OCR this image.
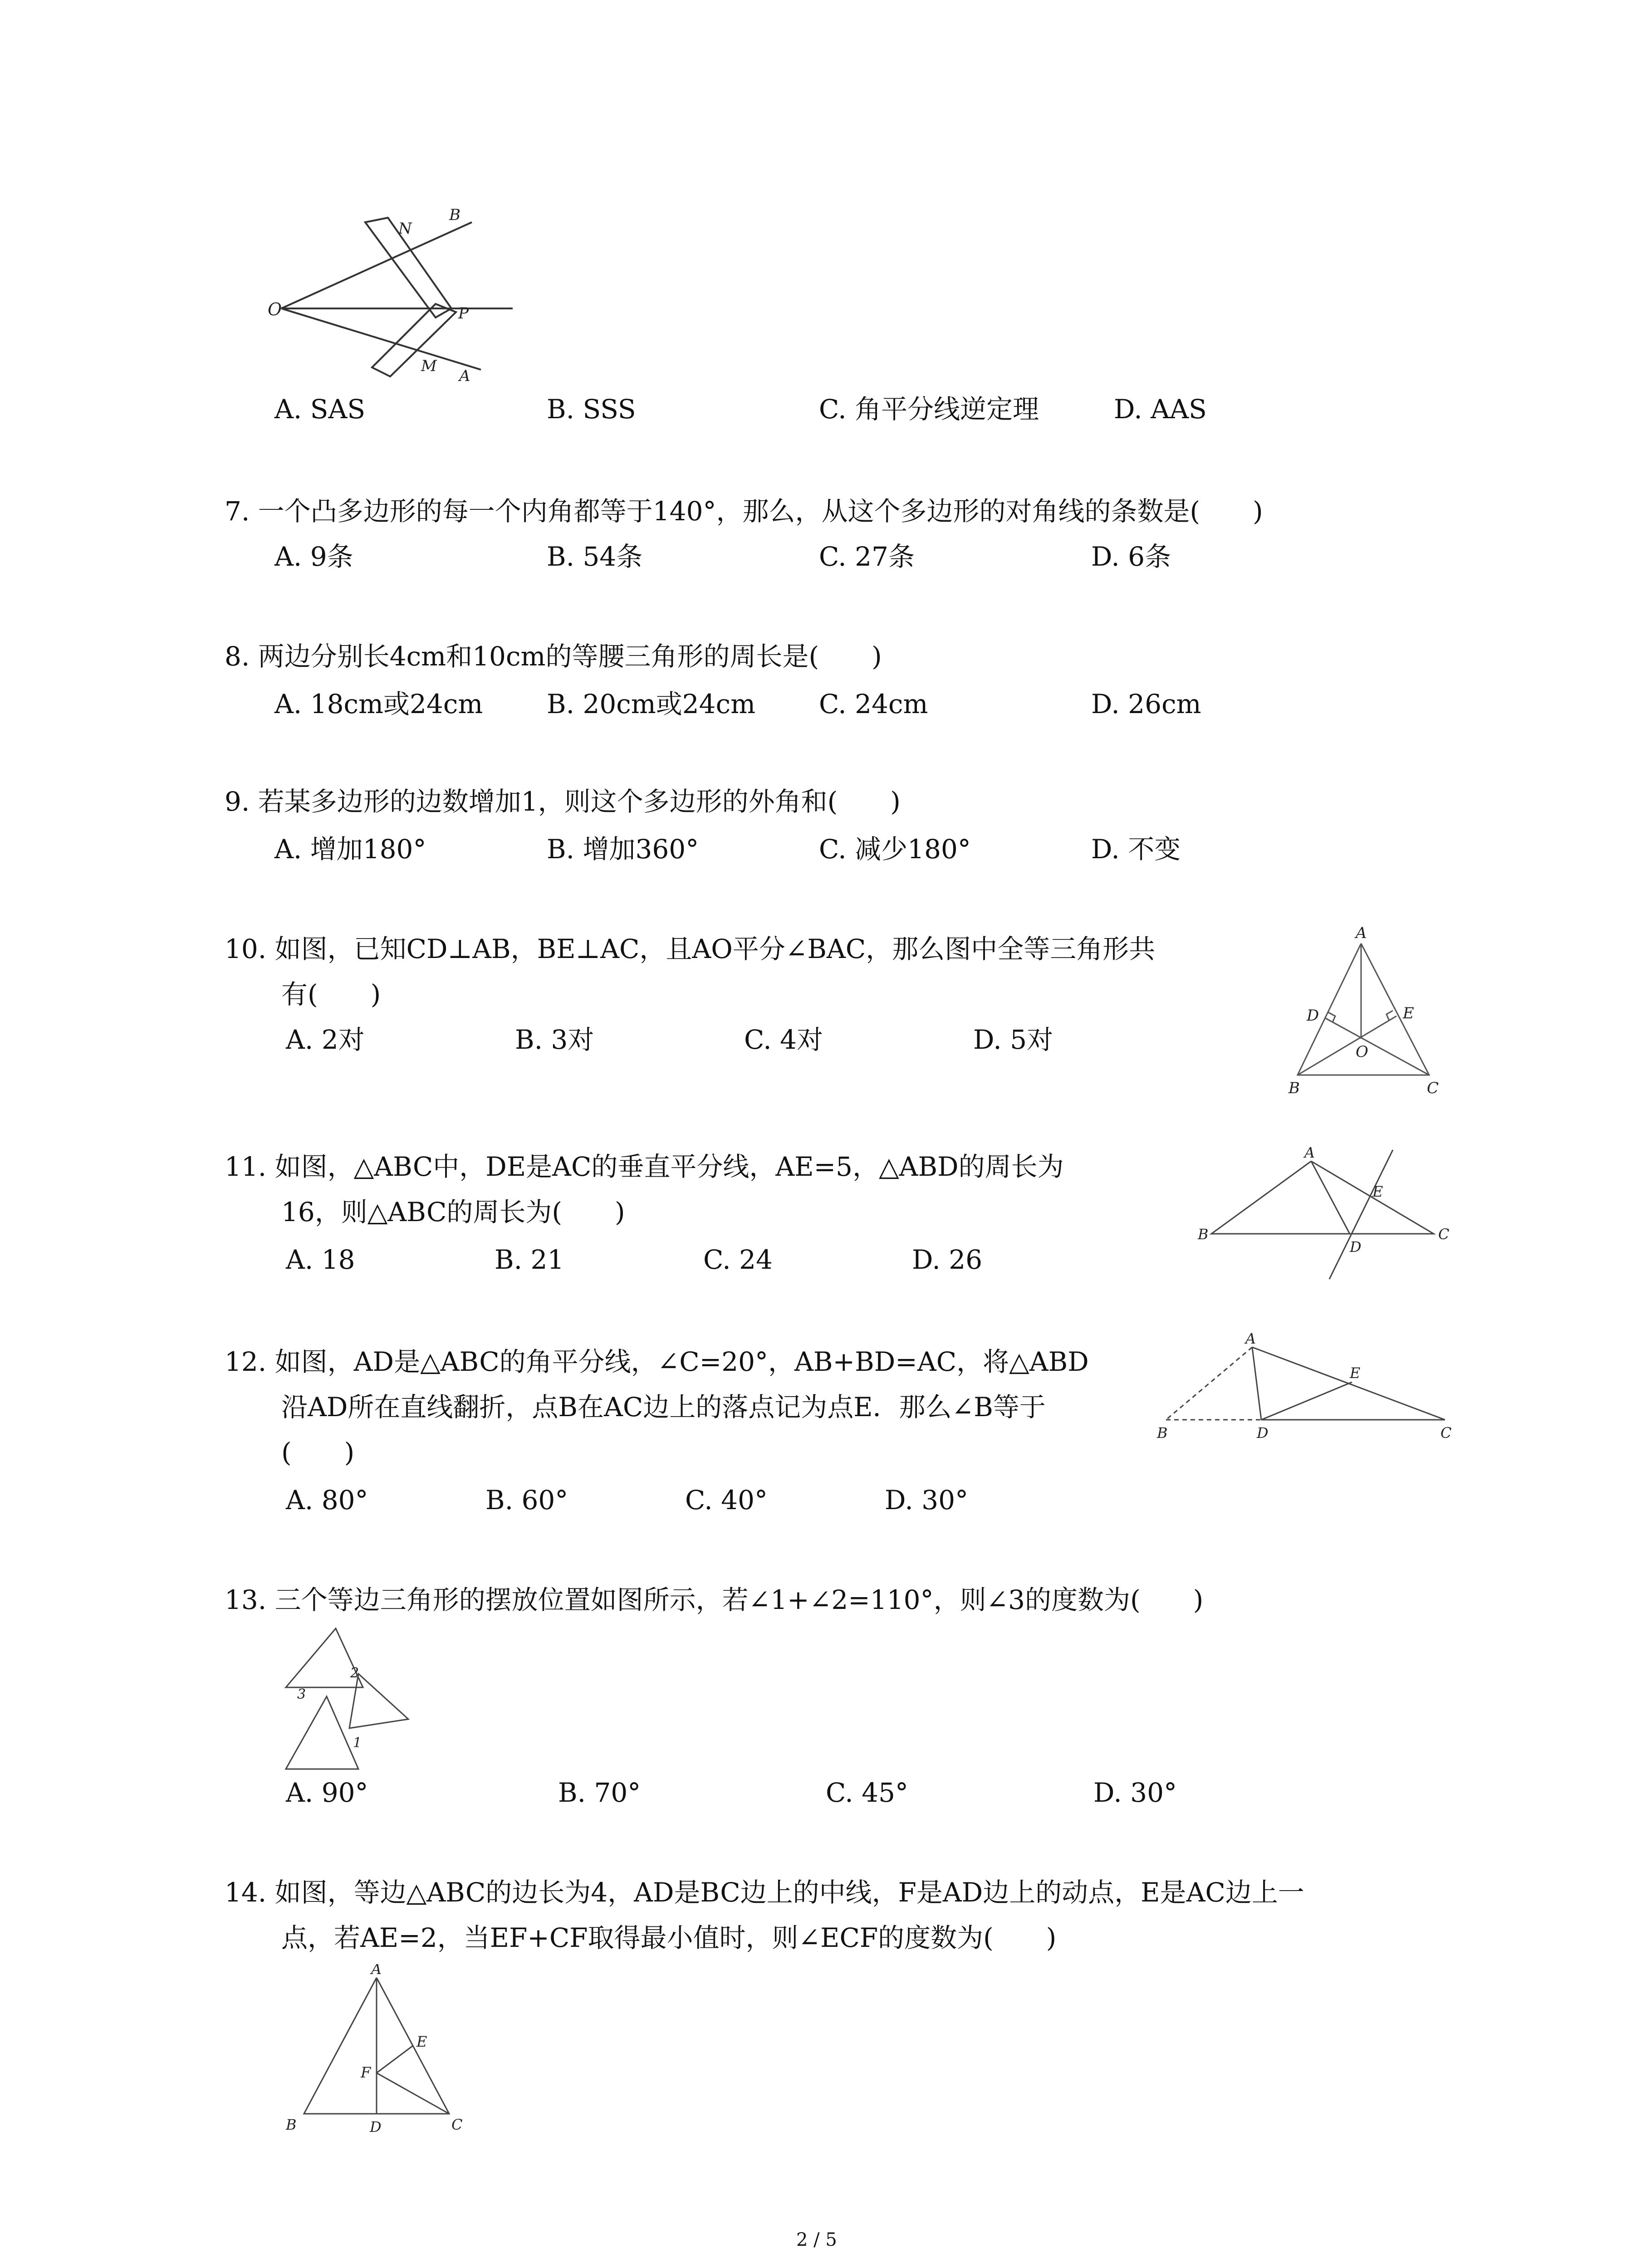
N
B
O	P
M
A
A. SAS	B. SSS	C. 角平分线逆定理	D. AAS
7. 一个凸多边形的每一个内角都等于140°，那么，从这个多边形的对角线的条数是(　　)
A. 9条	B. 54条	C. 27条	D. 6条
8. 两边分别长4cm和10cm的等腰三角形的周长是(　　)
A. 18cm或24cm B. 20cm或24cm C. 24cm	D. 26cm
9. 若某多边形的边数增加1，则这个多边形的外角和(　　)
A. 增加180°	B. 增加360°	C. 减少180°	D. 不变
10. 如图，已知CD⊥AB，BE⊥AC，且AO平分∠BAC，那么图中全等三角形共
有(　　)
A. 2对	B. 3对	C. 4对	D. 5对
A
D	E
O
B	C
11. 如图，△ABC中，DE是AC的垂直平分线，AE=5，△ABD的周长为
16，则△ABC的周长为(　　)
A. 18	B. 21	C. 24	D. 26
A
E
B
D
C
12. 如图，AD是△ABC的角平分线，∠C=20°，AB+BD=AC，将△ABD
沿AD所在直线翻折，点B在AC边上的落点记为点E．那么∠B等于
(　　)
A. 80°	B. 60°	C. 40°	D. 30°
A
E
B	D	C
13. 三个等边三角形的摆放位置如图所示，若∠1+∠2=110°，则∠3的度数为(　　)
1
2
3
A. 90°	B. 70°	C. 45°	D. 30°
14. 如图，等边△ABC的边长为4，AD是BC边上的中线，F是AD边上的动点，E是AC边上一
点，若AE=2，当EF+CF取得最小值时，则∠ECF的度数为(　　)
A
E
F
B	D	C
2 / 5
